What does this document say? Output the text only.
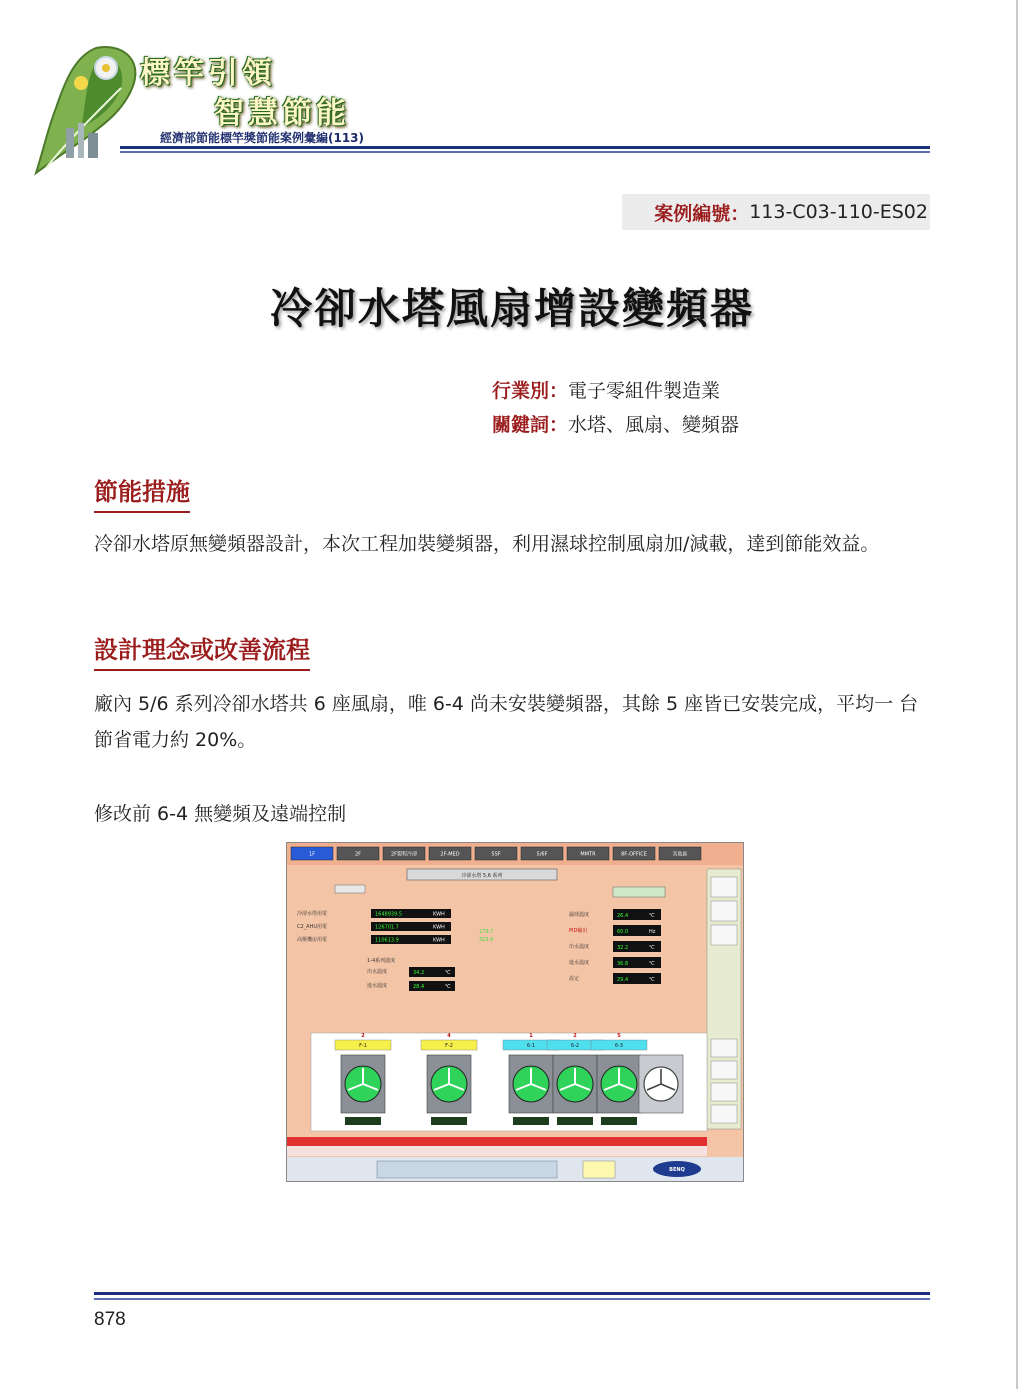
標竿引領
智慧節能
經濟部節能標竿獎節能案例彙編(113)
案例編號： 113-C03-110-ES02
冷卻水塔風扇增設變頻器
行業別：電子零組件製造業
關鍵詞：水塔、風扇、變頻器
節能措施
冷卻水塔原無變頻器設計，本次工程加裝變頻器，利用濕球控制風扇加/減載，達到節能效益。
設計理念或改善流程
廠內 5/6 系列冷卻水塔共 6 座風扇，唯 6-4 尚未安裝變頻器，其餘 5 座皆已安裝完成，平均一 台節省電力約 20%。
修改前 6-4 無變頻及遠端控制
1F	2F	2F製程冷卻	2F-MED	5SF	5/6F	MMTR	8F-OFFICE	其他區
冷卻水塔 5,6 系列
冷卻水塔用電	1648939.5	KWH
C2_AHU用電	126701.7	KWH
高壓機房用電	110613.9	KWH
179.7
323.6
1-4系列溫度
出水溫度	34.2	℃
進水溫度	28.4	℃
濕球溫度	26.4	℃
PID輸出	60.0	Hz
出水溫度	32.2	℃
進水溫度	36.8	℃
設定	29.4	℃
2
F-1
4
F-2
1
6-1
2
6-2
5
6-3
BENQ
878
